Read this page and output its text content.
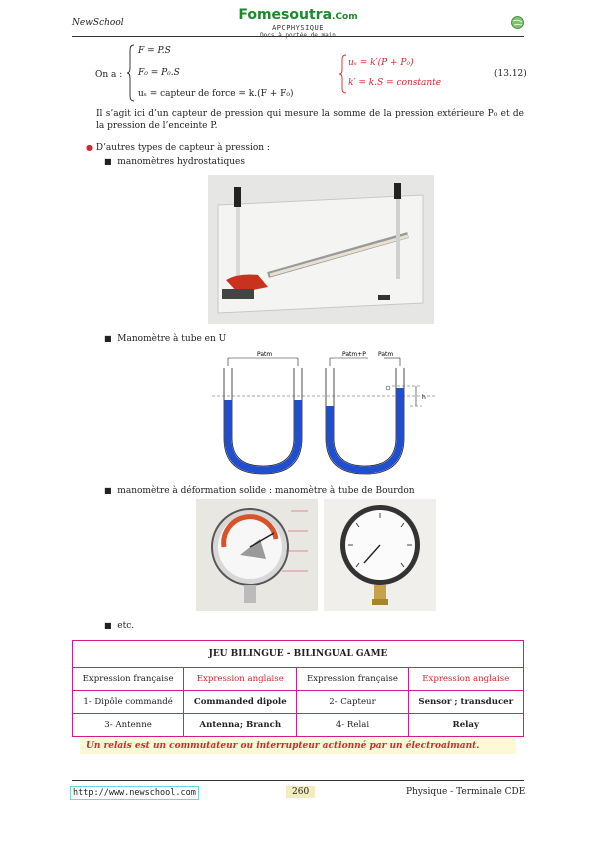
NewSchool	Fomesoutra.Com
APCPHYSIQUE
Docs à portée de main
On a :
F = P.S
F₀ = P₀.S
uₛ = capteur de force = k.(F + F₀)
uₛ = k′(P + P₀)
k′ = k.S = constante
(13.12)
Il s’agit ici d’un capteur de pression qui mesure la somme de la pression extérieure P₀ et de la pression de l’enceinte P.
● D’autres types de capteur à pression :
■ manomètres hydrostatiques
■ Manomètre à tube en U
Patm	Patm+P Patm
h
■ manomètre à déformation solide : manomètre à tube de Bourdon
■ etc.
JEU BILINGUE - BILINGUAL GAME			
Expression française	Expression anglaise	Expression française	Expression anglaise
1- Dipôle commandé	Commanded dipole	2- Capteur	Sensor ; transducer
3- Antenne	Antenna; Branch	4- Relai	Relay
Un relais est un commutateur ou interrupteur actionné par un électroaimant.
http://www.newschool.com	260	Physique - Terminale CDE
